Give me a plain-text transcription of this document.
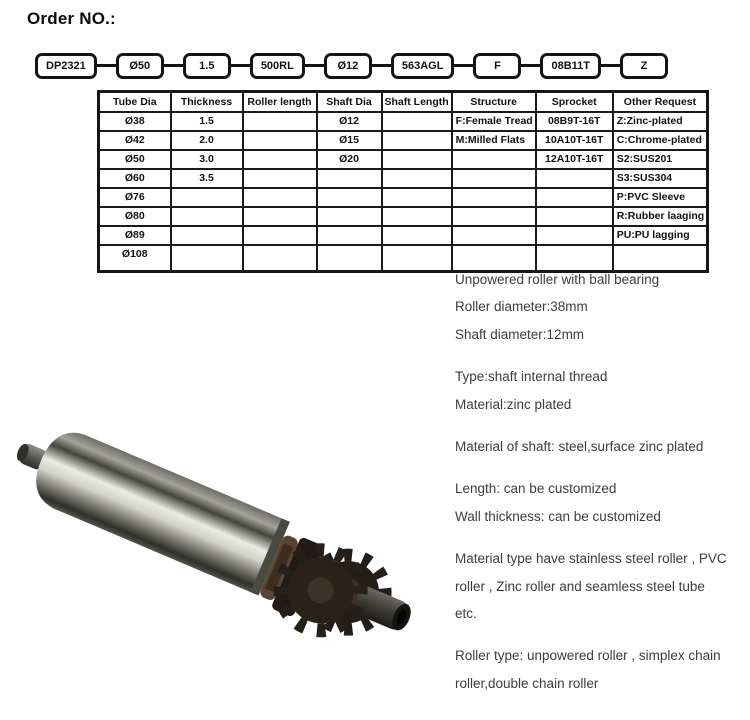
Order NO.:
DP2321	Ø50	1.5	500RL	Ø12	563AGL	F	08B11T	Z
Tube Dia	Thickness	Roller length	Shaft Dia	Shaft Length	Structure	Sprocket	Other Request
Ø38	1.5		Ø12		F:Female Tread	08B9T-16T	Z:Zinc-plated
Ø42	2.0		Ø15		M:Milled Flats	10A10T-16T	C:Chrome-plated
Ø50	3.0		Ø20			12A10T-16T	S2:SUS201
Ø60	3.5						S3:SUS304
Ø76							P:PVC Sleeve
Ø80							R:Rubber laaging
Ø89							PU:PU lagging
Ø108							
Unpowered roller with ball bearing
Roller diameter:38mm
Shaft diameter:12mm
Type:shaft internal thread
Material:zinc plated
Material of shaft: steel,surface zinc plated
Length: can be customized
Wall thickness: can be customized
Material type have stainless steel roller , PVC
roller , Zinc roller and seamless steel tube
etc.
Roller type: unpowered roller , simplex chain
roller,double chain roller
